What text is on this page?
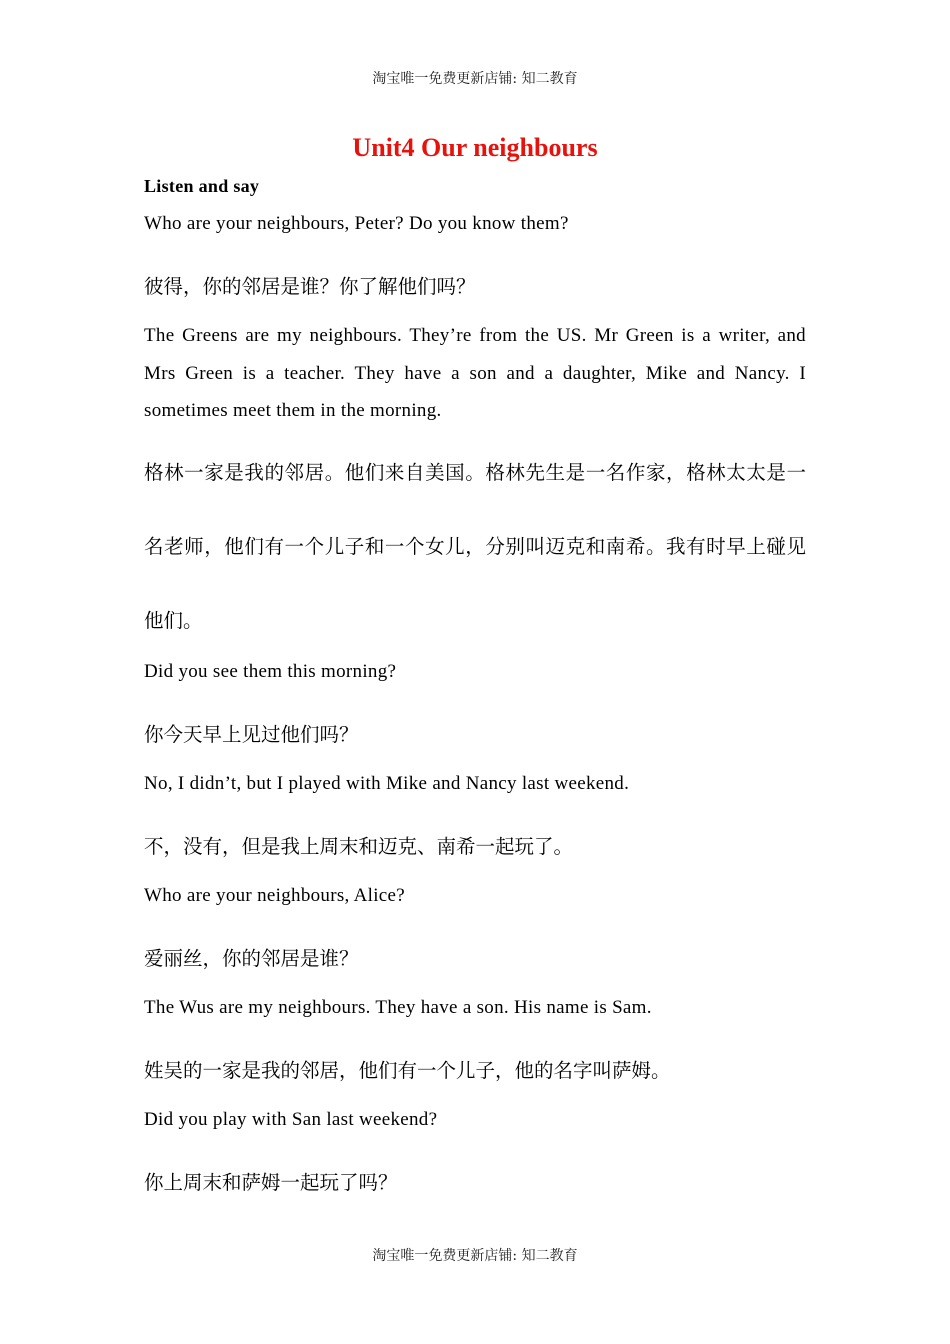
淘宝唯一免费更新店铺: 知二教育
Unit4 Our neighbours
Listen and say
Who are your neighbours, Peter? Do you know them?
彼得，你的邻居是谁？你了解他们吗？
The Greens are my neighbours. They’re from the US. Mr Green is a writer, and Mrs Green is a teacher. They have a son and a daughter, Mike and Nancy. I sometimes meet them in the morning.
格林一家是我的邻居。他们来自美国。格林先生是一名作家，格林太太是一名老师，他们有一个儿子和一个女儿，分别叫迈克和南希。我有时早上碰见他们。
Did you see them this morning?
你今天早上见过他们吗？
No, I didn’t, but I played with Mike and Nancy last weekend.
不，没有，但是我上周末和迈克、南希一起玩了。
Who are your neighbours, Alice?
爱丽丝，你的邻居是谁？
The Wus are my neighbours. They have a son. His name is Sam.
姓吴的一家是我的邻居，他们有一个儿子，他的名字叫萨姆。
Did you play with San last weekend?
你上周末和萨姆一起玩了吗？
淘宝唯一免费更新店铺: 知二教育
